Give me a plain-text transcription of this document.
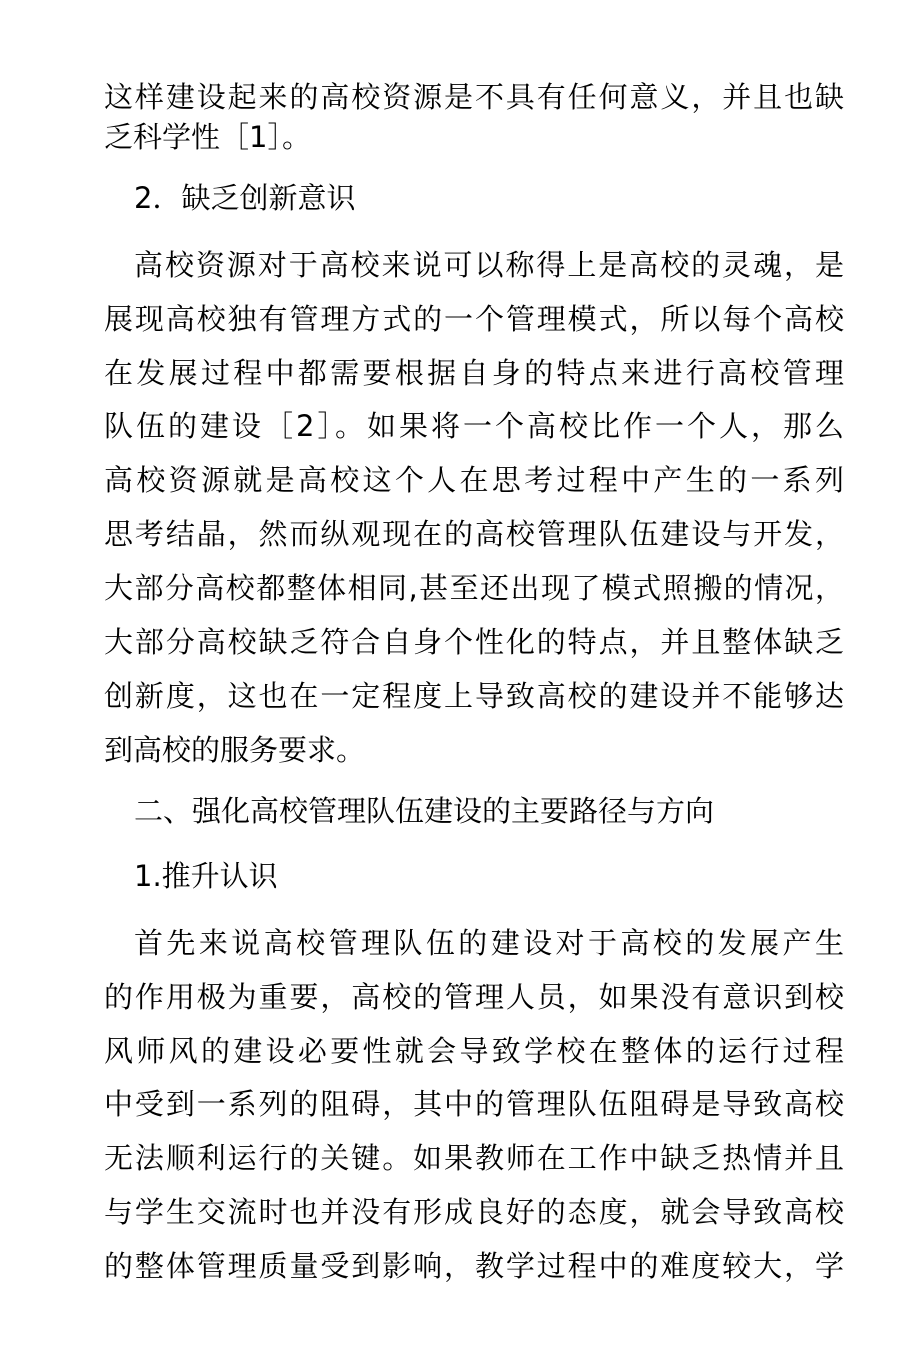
这样建设起来的高校资源是不具有任何意义，并且也缺
乏科学性［1］。
2．缺乏创新意识
高校资源对于高校来说可以称得上是高校的灵魂，是
展现高校独有管理方式的一个管理模式，所以每个高校
在发展过程中都需要根据自身的特点来进行高校管理
队伍的建设［2］。如果将一个高校比作一个人，那么
高校资源就是高校这个人在思考过程中产生的一系列
思考结晶，然而纵观现在的高校管理队伍建设与开发，
大部分高校都整体相同,甚至还出现了模式照搬的情况，
大部分高校缺乏符合自身个性化的特点，并且整体缺乏
创新度，这也在一定程度上导致高校的建设并不能够达
到高校的服务要求。
二、强化高校管理队伍建设的主要路径与方向
1.推升认识
首先来说高校管理队伍的建设对于高校的发展产生
的作用极为重要，高校的管理人员，如果没有意识到校
风师风的建设必要性就会导致学校在整体的运行过程
中受到一系列的阻碍，其中的管理队伍阻碍是导致高校
无法顺利运行的关键。如果教师在工作中缺乏热情并且
与学生交流时也并没有形成良好的态度，就会导致高校
的整体管理质量受到影响，教学过程中的难度较大，学
